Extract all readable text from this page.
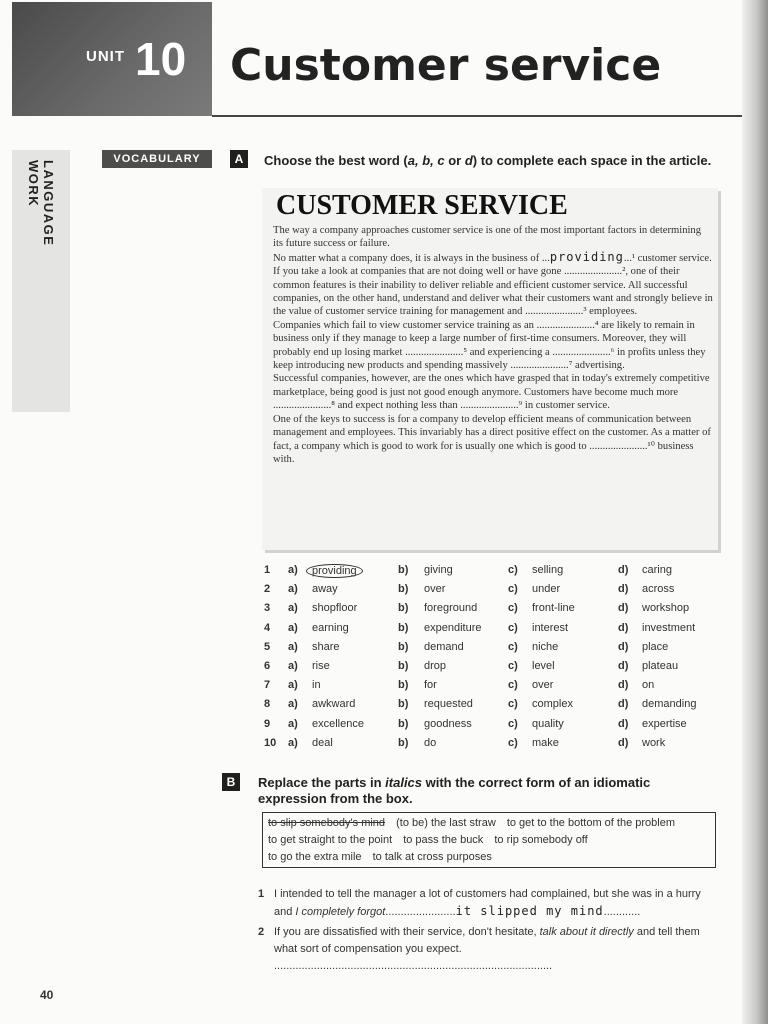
UNIT 10 Customer service
LANGUAGE WORK
VOCABULARY	A	Choose the best word (a, b, c or d) to complete each space in the article.
CUSTOMER SERVICE

The way a company approaches customer service is one of the most important factors in determining its future success or failure.

No matter what a company does, it is always in the business of ...providing...¹ customer service. If you take a look at companies that are not doing well or have gone ......................², one of their common features is their inability to deliver reliable and efficient customer service. All successful companies, on the other hand, understand and deliver what their customers want and strongly believe in the value of customer service training for management and ......................³ employees.

Companies which fail to view customer service training as an ......................⁴ are likely to remain in business only if they manage to keep a large number of first-time consumers. Moreover, they will probably end up losing market ......................⁵ and experiencing a ......................⁶ in profits unless they keep introducing new products and spending massively ......................⁷ advertising.

Successful companies, however, are the ones which have grasped that in today's extremely competitive marketplace, being good is just not good enough anymore. Customers have become much more ......................⁸ and expect nothing less than ......................⁹ in customer service.

One of the keys to success is for a company to develop efficient means of communication between management and employees. This invariably has a direct positive effect on the customer. As a matter of fact, a company which is good to work for is usually one which is good to ......................¹⁰ business with.

1 a)	providing	b) giving	c) selling	d) caring
2 a) away	b) over	c) under	d) across
3 a) shopfloor	b) foreground	c) front-line	d) workshop
4 a) earning	b) expenditure c) interest	d) investment
5 a) share	b) demand	c) niche	d) place
6 a) rise	b) drop	c) level	d) plateau
7 a) in	b) for	c) over	d) on
8 a) awkward	b) requested	c) complex	d) demanding
9 a) excellence	b) goodness	c) quality	d) expertise
10 a) deal	b) do	c) make	d) work
B	Replace the parts in italics with the correct form of an idiomatic expression from the box.
to slip somebody's mind (to be) the last straw to get to the bottom of the problem
to get straight to the point to pass the buck to rip somebody off
to go the extra mile to talk at cross purposes
1 I intended to tell the manager a lot of customers had complained, but she was in a hurry and I completely forgot.......................it slipped my mind............
2 If you are dissatisfied with their service, don't hesitate, talk about it directly and tell them what sort of compensation you expect.
...........................................................................................
40
